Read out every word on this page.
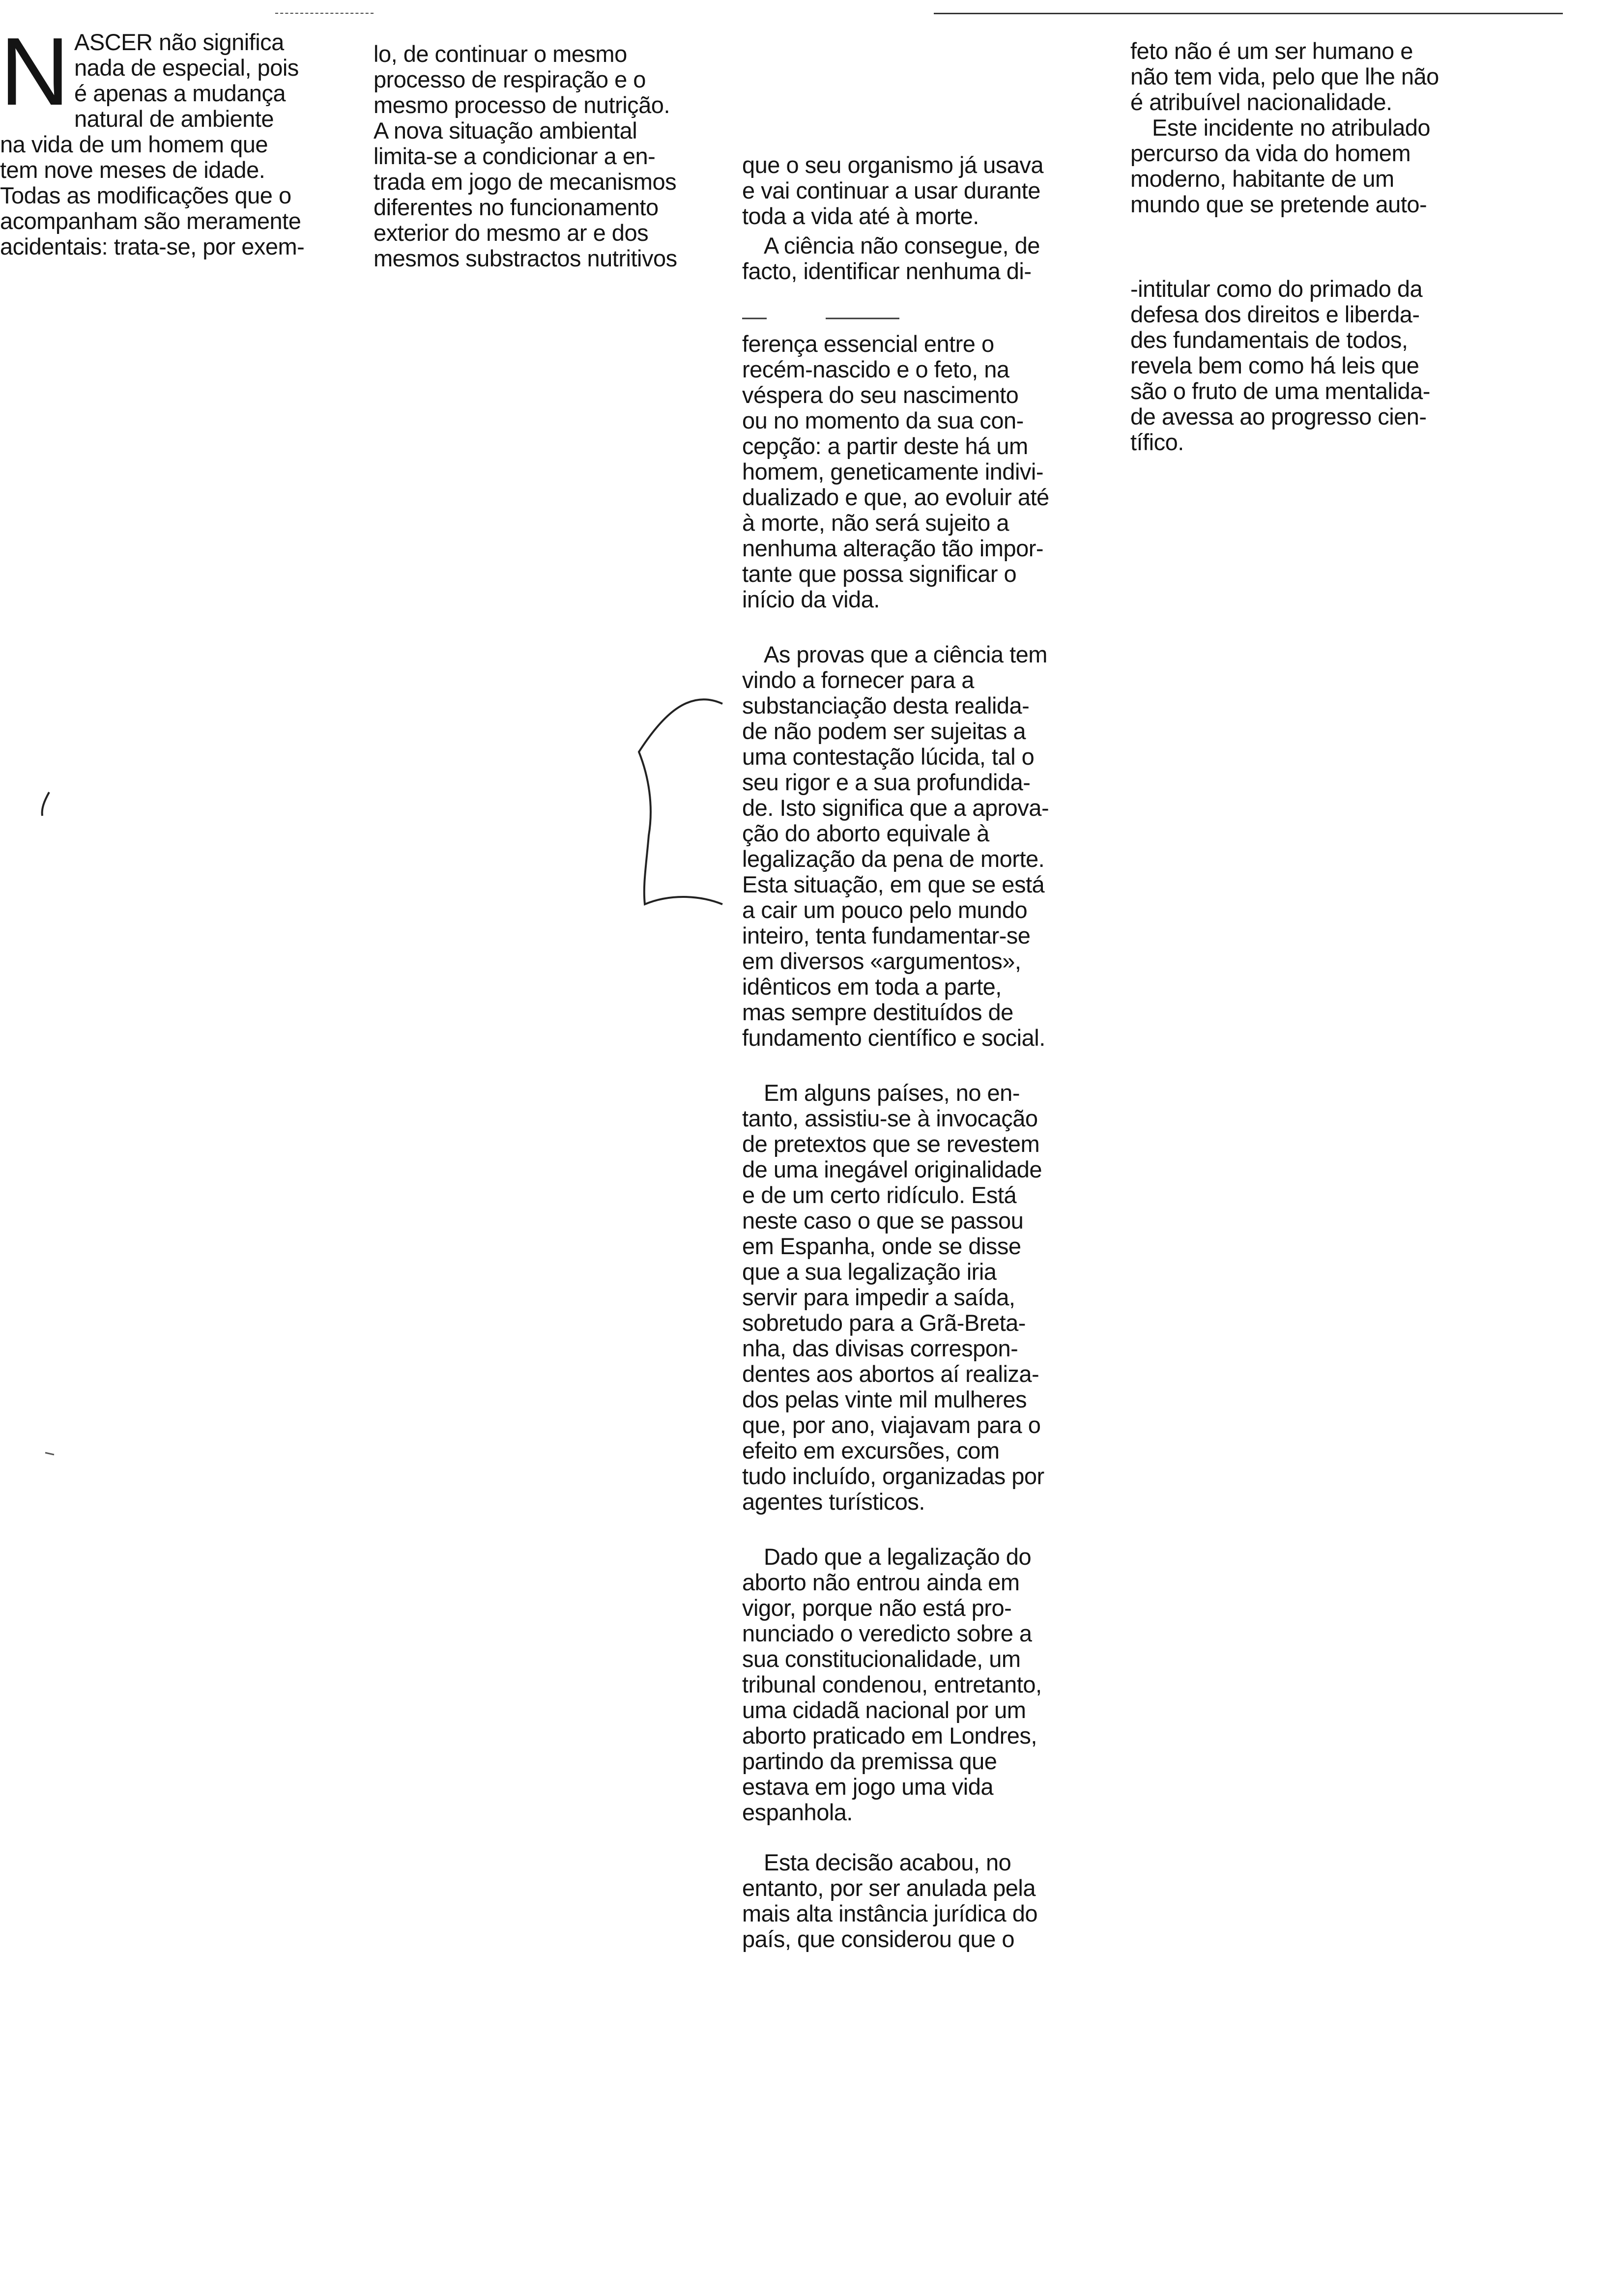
N ASCER não significa
nada de especial, pois
é apenas a mudança
natural de ambiente
na vida de um homem que
tem nove meses de idade.
Todas as modificações que o
acompanham são meramente
acidentais: trata-se, por exem-

lo, de continuar o mesmo
processo de respiração e o
mesmo processo de nutrição.
A nova situação ambiental
limita-se a condicionar a en-
trada em jogo de mecanismos
diferentes no funcionamento
exterior do mesmo ar e dos
mesmos substractos nutritivos

que o seu organismo já usava
e vai continuar a usar durante
toda a vida até à morte.

A ciência não consegue, de
facto, identificar nenhuma di-

ferença essencial entre o
recém-nascido e o feto, na
véspera do seu nascimento
ou no momento da sua con-
cepção: a partir deste há um
homem, geneticamente indivi-
dualizado e que, ao evoluir até
à morte, não será sujeito a
nenhuma alteração tão impor-
tante que possa significar o
início da vida.

As provas que a ciência tem
vindo a fornecer para a
substanciação desta realida-
de não podem ser sujeitas a
uma contestação lúcida, tal o
seu rigor e a sua profundida-
de. Isto significa que a aprova-
ção do aborto equivale à
legalização da pena de morte.
Esta situação, em que se está
a cair um pouco pelo mundo
inteiro, tenta fundamentar-se
em diversos «argumentos»,
idênticos em toda a parte,
mas sempre destituídos de
fundamento científico e social.

Em alguns países, no en-
tanto, assistiu-se à invocação
de pretextos que se revestem
de uma inegável originalidade
e de um certo ridículo. Está
neste caso o que se passou
em Espanha, onde se disse
que a sua legalização iria
servir para impedir a saída,
sobretudo para a Grã-Breta-
nha, das divisas correspon-
dentes aos abortos aí realiza-
dos pelas vinte mil mulheres
que, por ano, viajavam para o
efeito em excursões, com
tudo incluído, organizadas por
agentes turísticos.

Dado que a legalização do
aborto não entrou ainda em
vigor, porque não está pro-
nunciado o veredicto sobre a
sua constitucionalidade, um
tribunal condenou, entretanto,
uma cidadã nacional por um
aborto praticado em Londres,
partindo da premissa que
estava em jogo uma vida
espanhola.

Esta decisão acabou, no
entanto, por ser anulada pela
mais alta instância jurídica do
país, que considerou que o

feto não é um ser humano e
não tem vida, pelo que lhe não
é atribuível nacionalidade.

Este incidente no atribulado
percurso da vida do homem
moderno, habitante de um
mundo que se pretende auto-

-intitular como do primado da
defesa dos direitos e liberda-
des fundamentais de todos,
revela bem como há leis que
são o fruto de uma mentalida-
de avessa ao progresso cien-
tífico.
